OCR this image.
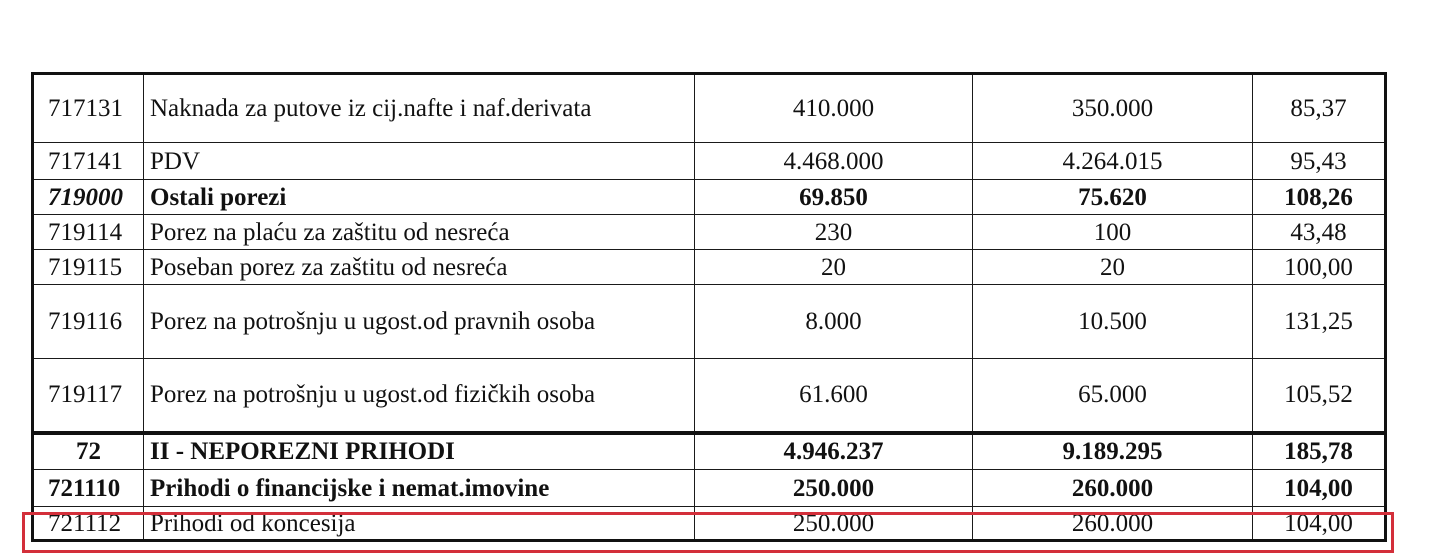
717131	Naknada za putove iz cij.nafte i naf.derivata	410.000	350.000	85,37
717141	PDV	4.468.000	4.264.015	95,43
719000	Ostali porezi	69.850	75.620	108,26
719114	Porez na plaću za zaštitu od nesreća	230	100	43,48
719115	Poseban porez za zaštitu od nesreća	20	20	100,00
719116	Porez na potrošnju u ugost.od pravnih osoba	8.000	10.500	131,25
719117	Porez na potrošnju u ugost.od fizičkih osoba	61.600	65.000	105,52
72	II - NEPOREZNI PRIHODI	4.946.237	9.189.295	185,78
721110	Prihodi o financijske i nemat.imovine	250.000	260.000	104,00
721112	Prihodi od koncesija	250.000	260.000	104,00
